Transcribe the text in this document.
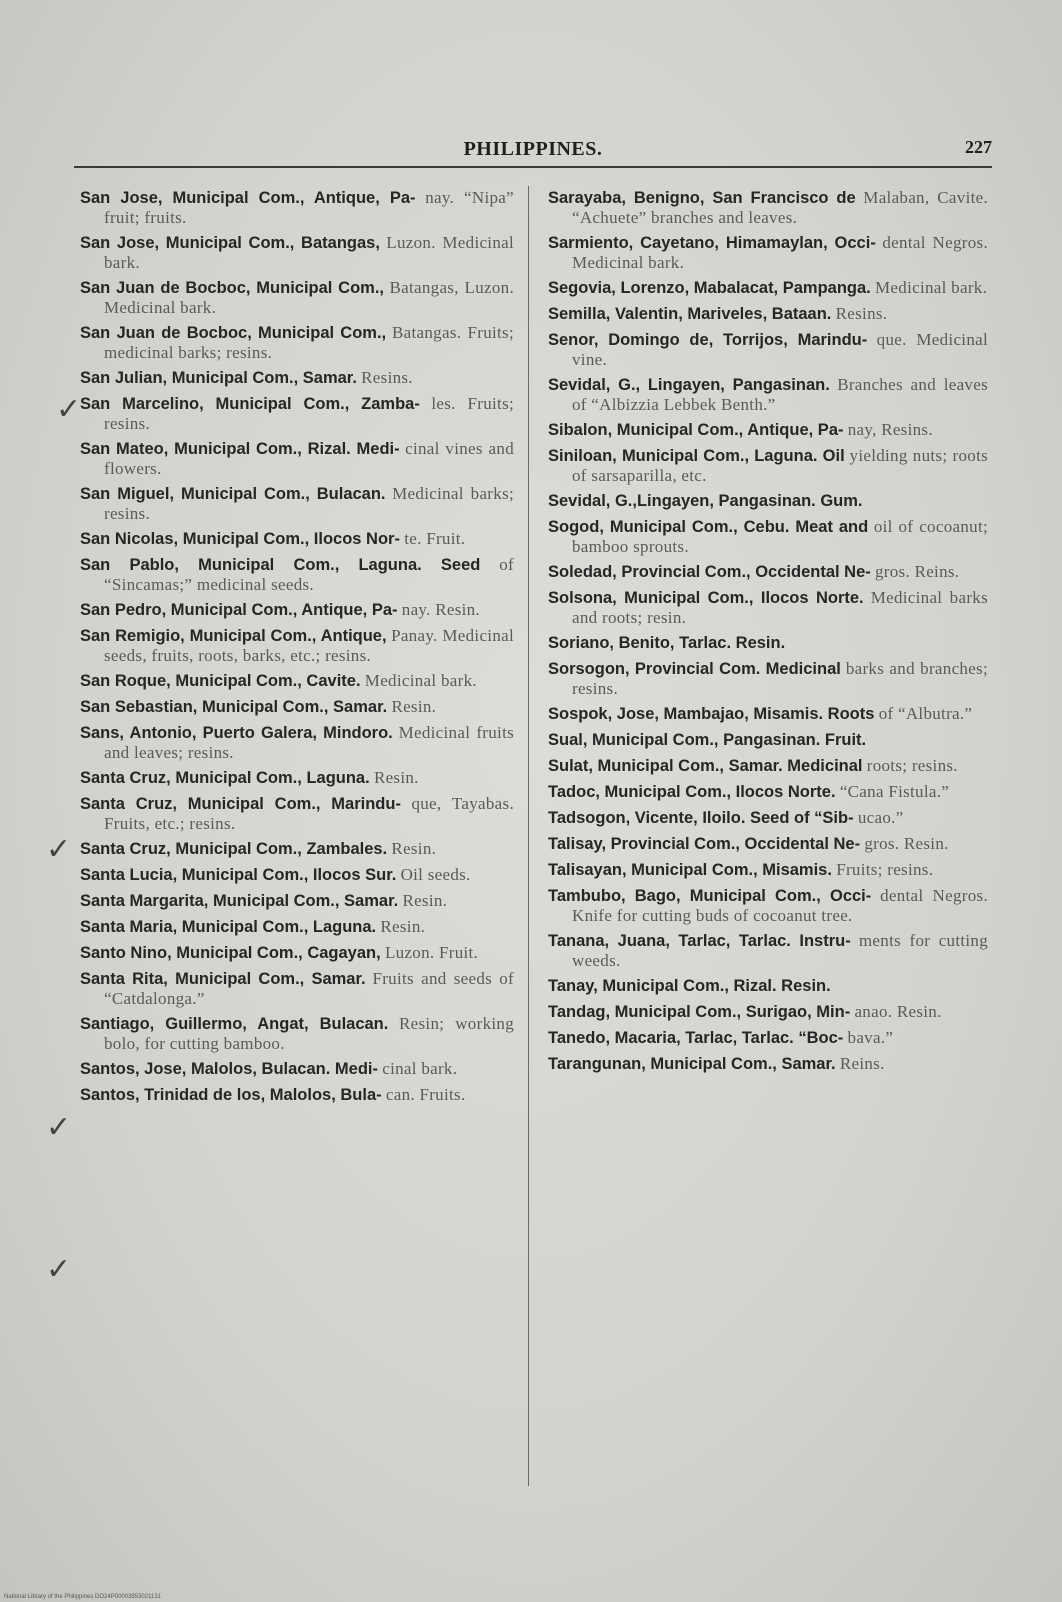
PHILIPPINES.	227
San Jose, Municipal Com., Antique, Pa- nay. “Nipa” fruit; fruits.
San Jose, Municipal Com., Batangas, Luzon. Medicinal bark.
San Juan de Bocboc, Municipal Com., Batangas, Luzon. Medicinal bark.
San Juan de Bocboc, Municipal Com., Batangas. Fruits; medicinal barks; resins.
San Julian, Municipal Com., Samar. Resins.
San Marcelino, Municipal Com., Zamba- les. Fruits; resins.
San Mateo, Municipal Com., Rizal. Medi- cinal vines and flowers.
San Miguel, Municipal Com., Bulacan. Medicinal barks; resins.
San Nicolas, Municipal Com., Ilocos Nor- te. Fruit.
San Pablo, Municipal Com., Laguna. Seed of “Sincamas;” medicinal seeds.
San Pedro, Municipal Com., Antique, Pa- nay. Resin.
San Remigio, Municipal Com., Antique, Panay. Medicinal seeds, fruits, roots, barks, etc.; resins.
San Roque, Municipal Com., Cavite. Medicinal bark.
San Sebastian, Municipal Com., Samar. Resin.
Sans, Antonio, Puerto Galera, Mindoro. Medicinal fruits and leaves; resins.
Santa Cruz, Municipal Com., Laguna. Resin.
Santa Cruz, Municipal Com., Marindu- que, Tayabas. Fruits, etc.; resins.
Santa Cruz, Municipal Com., Zambales. Resin.
Santa Lucia, Municipal Com., Ilocos Sur. Oil seeds.
Santa Margarita, Municipal Com., Samar. Resin.
Santa Maria, Municipal Com., Laguna. Resin.
Santo Nino, Municipal Com., Cagayan, Luzon. Fruit.
Santa Rita, Municipal Com., Samar. Fruits and seeds of “Catdalonga.”
Santiago, Guillermo, Angat, Bulacan. Resin; working bolo, for cutting bamboo.
Santos, Jose, Malolos, Bulacan. Medi- cinal bark.
Santos, Trinidad de los, Malolos, Bula- can. Fruits.
Sarayaba, Benigno, San Francisco de Malaban, Cavite. “Achuete” branches and leaves.
Sarmiento, Cayetano, Himamaylan, Occi- dental Negros. Medicinal bark.
Segovia, Lorenzo, Mabalacat, Pampanga. Medicinal bark.
Semilla, Valentin, Mariveles, Bataan. Resins.
Senor, Domingo de, Torrijos, Marindu- que. Medicinal vine.
Sevidal, G., Lingayen, Pangasinan. Branches and leaves of “Albizzia Lebbek Benth.”
Sibalon, Municipal Com., Antique, Pa- nay, Resins.
Siniloan, Municipal Com., Laguna. Oil yielding nuts; roots of sarsaparilla, etc.
Sevidal, G.,Lingayen, Pangasinan. Gum.
Sogod, Municipal Com., Cebu. Meat and oil of cocoanut; bamboo sprouts.
Soledad, Provincial Com., Occidental Ne- gros. Reins.
Solsona, Municipal Com., Ilocos Norte. Medicinal barks and roots; resin.
Soriano, Benito, Tarlac. Resin.
Sorsogon, Provincial Com. Medicinal barks and branches; resins.
Sospok, Jose, Mambajao, Misamis. Roots of “Albutra.”
Sual, Municipal Com., Pangasinan. Fruit.
Sulat, Municipal Com., Samar. Medicinal roots; resins.
Tadoc, Municipal Com., Ilocos Norte. “Cana Fistula.”
Tadsogon, Vicente, Iloilo. Seed of “Sib- ucao.”
Talisay, Provincial Com., Occidental Ne- gros. Resin.
Talisayan, Municipal Com., Misamis. Fruits; resins.
Tambubo, Bago, Municipal Com., Occi- dental Negros. Knife for cutting buds of cocoanut tree.
Tanana, Juana, Tarlac, Tarlac. Instru- ments for cutting weeds.
Tanay, Municipal Com., Rizal. Resin.
Tandag, Municipal Com., Surigao, Min- anao. Resin.
Tanedo, Macaria, Tarlac, Tarlac. “Boc- bava.”
Tarangunan, Municipal Com., Samar. Reins.
✓
✓
✓
✓
National Library of the Philippines DO24P00003953021131
